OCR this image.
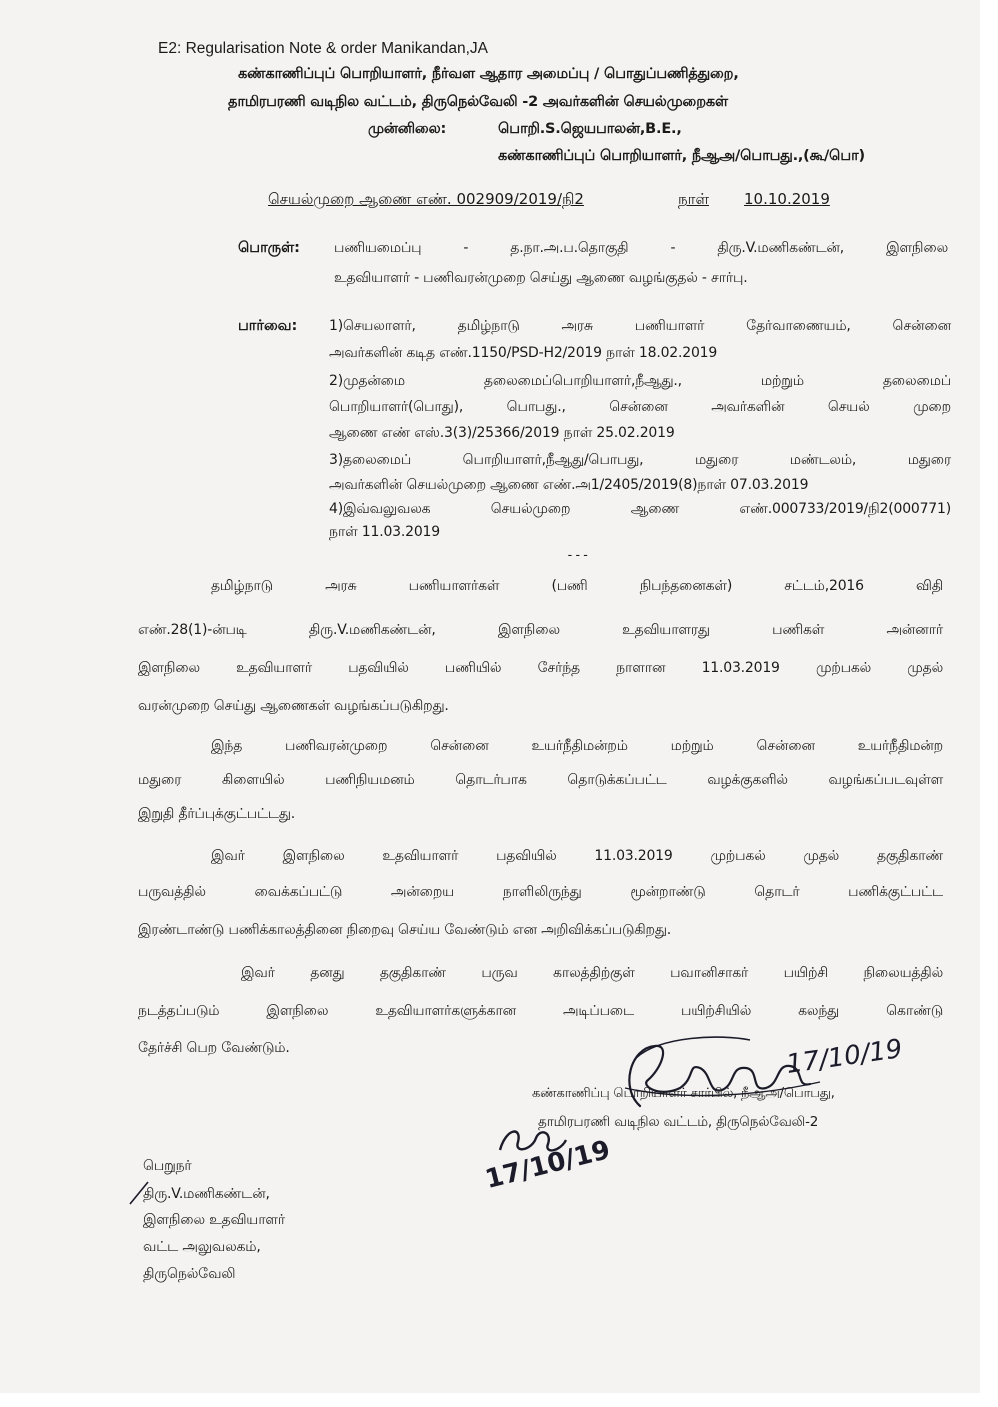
E2: Regularisation Note & order Manikandan,JA
கண்காணிப்புப் பொறியாளர், நீர்வள ஆதார அமைப்பு / பொதுப்பணித்துறை,
தாமிரபரணி வடிநில வட்டம், திருநெல்வேலி -2 அவர்களின் செயல்முறைகள்
முன்னிலை:	பொறி.S.ஜெயபாலன்,B.E.,
கண்காணிப்புப் பொறியாளர், நீஆஅ/பொபது.,(கூ/பொ)
செயல்முறை ஆணை எண். 002909/2019/நி2	நாள் 10.10.2019
பொருள்: பணியமைப்பு - த.நா.அ.ப.தொகுதி - திரு.V.மணிகண்டன், இளநிலை
உதவியாளர் - பணிவரன்முறை செய்து ஆணை வழங்குதல் - சார்பு.
பார்வை: 1)செயலாளர், தமிழ்நாடு அரசு பணியாளர் தேர்வாணையம், சென்னை
அவர்களின் கடித எண்.1150/PSD-H2/2019 நாள் 18.02.2019
2)முதன்மை தலைமைப்பொறியாளர்,நீஆது., மற்றும் தலைமைப்
பொறியாளர்(பொது), பொபது., சென்னை அவர்களின் செயல் முறை
ஆணை எண் எஸ்.3(3)/25366/2019 நாள் 25.02.2019
3)தலைமைப் பொறியாளர்,நீஆது/பொபது, மதுரை மண்டலம், மதுரை
அவர்களின் செயல்முறை ஆணை எண்.அ1/2405/2019(8)நாள் 07.03.2019
4)இவ்வலுவலக செயல்முறை ஆணை எண்.000733/2019/நி2(000771)
நாள் 11.03.2019
---
தமிழ்நாடு அரசு பணியாளர்கள் (பணி நிபந்தனைகள்) சட்டம்,2016 விதி
எண்.28(1)-ன்படி திரு.V.மணிகண்டன், இளநிலை உதவியாளரது பணிகள் அன்னார்
இளநிலை உதவியாளர் பதவியில் பணியில் சேர்ந்த நாளான 11.03.2019 முற்பகல் முதல்
வரன்முறை செய்து ஆணைகள் வழங்கப்படுகிறது.
இந்த பணிவரன்முறை சென்னை உயர்நீதிமன்றம் மற்றும் சென்னை உயர்நீதிமன்ற
மதுரை கிளையில் பணிநியமனம் தொடர்பாக தொடுக்கப்பட்ட வழக்குகளில் வழங்கப்படவுள்ள
இறுதி தீர்ப்புக்குட்பட்டது.
இவர் இளநிலை உதவியாளர் பதவியில் 11.03.2019 முற்பகல் முதல் தகுதிகாண்
பருவத்தில் வைக்கப்பட்டு அன்றைய நாளிலிருந்து மூன்றாண்டு தொடர் பணிக்குட்பட்ட
இரண்டாண்டு பணிக்காலத்தினை நிறைவு செய்ய வேண்டும் என அறிவிக்கப்படுகிறது.
இவர் தனது தகுதிகாண் பருவ காலத்திற்குள் பவானிசாகர் பயிற்சி நிலையத்தில்
நடத்தப்படும் இளநிலை உதவியாளர்களுக்கான அடிப்படை பயிற்சியில் கலந்து கொண்டு
தேர்ச்சி பெற வேண்டும்.	17/10/19
கண்காணிப்பு பொறியாளர் சார்பில், நீஆஅ/பொபது,
தாமிரபரணி வடிநில வட்டம், திருநெல்வேலி-2
17/10/19
பெறுநர்
திரு.V.மணிகண்டன்,
இளநிலை உதவியாளர்
வட்ட அலுவலகம்,
திருநெல்வேலி
